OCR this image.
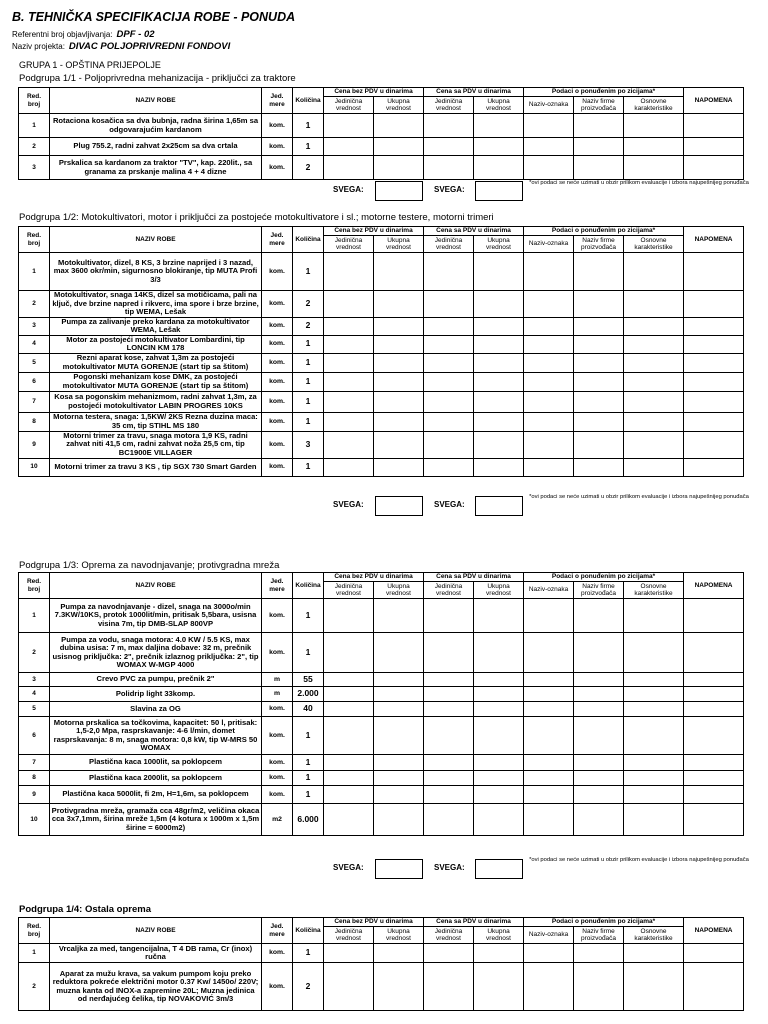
B. TEHNIČKA SPECIFIKACIJA ROBE - PONUDA
Referentni broj objavljivanja: DPF - 02
Naziv projekta: DIVAC POLJOPRIVREDNI FONDOVI
GRUPA 1 - OPŠTINA PRIJEPOLJE
Podgrupa 1/1 - Poljoprivredna mehanizacija - priključci za traktore
Red. broj	NAZIV ROBE	Jed. mere	Količina	Cena bez PDV u dinarima		Cena sa PDV u dinarima		Podaci o ponuđenim po ziciјama*			NAPOMENA
				Jedinična vrednost	Ukupna vrednost	Jedinična vrednost	Ukupna vrednost	Naziv-oznaka	Naziv firme proizvođača	Osnovne karakteristike	
1	Rotaciona kosačica sa dva bubnja, radna širina 1,65m sa odgovarajućim kardanom	kom.	1								
2	Plug 755.2, radni zahvat 2x25cm sa dva crtala	kom.	1								
3	Prskalica sa kardanom za traktor "TV", kap. 220lit., sa granama za prskanje malina 4 + 4 dizne	kom.	2								
SVEGA:	SVEGA:
*ovi podaci se neće uzimati u obzir prilikom evaluacije i izbora najupešnijeg ponuđača
Podgrupa 1/2: Motokultivatori, motor i priključci za postojeće motokultivatore i sl.; motorne testere, motorni trimeri
Red. broj	NAZIV ROBE	Jed. mere	Količina	Cena bez PDV u dinarima		Cena sa PDV u dinarima		Podaci o ponuđenim po ziciјama*			NAPOMENA
				Jedinična vrednost	Ukupna vrednost	Jedinična vrednost	Ukupna vrednost	Naziv-oznaka	Naziv firme proizvođača	Osnovne karakteristike	
1	Motokultivator, dizel, 8 KS, 3 brzine naprijed i 3 nazad, max 3600 okr/min, sigurnosno blokiranje, tip MUTA Profi 3/3	kom.	1								
2	Motokultivator, snaga 14KS, dizel sa motičicama, pali na ključ, dve brzine napred i rikverc, ima spore i brze brzine, tip WEMA, Lešak	kom.	2								
3	Pumpa za zalivanje preko kardana za motokultivator WEMA, Lešak	kom.	2								
4	Motor za postojeći motokultivator Lombardini, tip LONCIN KM 178	kom.	1								
5	Rezni aparat kose, zahvat 1,3m za postojeći motokultivator MUTA GORENJE (start tip sa štitom)	kom.	1								
6	Pogonski mehanizam kose DMK, za postojeći motokultivator MUTA GORENJE (start tip sa štitom)	kom.	1								
7	Kosa sa pogonskim mehanizmom, radni zahvat 1,3m, za postojeći motokultivator LABIN PROGRES 10KS	kom.	1								
8	Motorna testera, snaga: 1,5KW/ 2KS Rezna duzina maca: 35 cm, tip STIHL MS 180	kom.	1								
9	Motorni trimer za travu, snaga motora 1,9 KS, radni zahvat niti 41,5 cm, radni zahvat noža 25,5 cm, tip BC1900E VILLAGER	kom.	3								
10	Motorni trimer za travu 3 KS , tip SGX 730 Smart Garden	kom.	1								
SVEGA:	SVEGA:
*ovi podaci se neće uzimati u obzir prilikom evaluacije i izbora najupešnijeg ponuđača
Podgrupa 1/3: Oprema za navodnjavanje; protivgradna mreža
Red. broj	NAZIV ROBE	Jed. mere	Količina	Cena bez PDV u dinarima		Cena sa PDV u dinarima		Podaci o ponuđenim po ziciјama*			NAPOMENA
				Jedinična vrednost	Ukupna vrednost	Jedinična vrednost	Ukupna vrednost	Naziv-oznaka	Naziv firme proizvođača	Osnovne karakteristike	
1	Pumpa za navodnjavanje - dizel, snaga na 3000o/min 7.3KW/10KS, protok 1000lit/min, pritisak 5,5bara, usisna visina 7m, tip DMB-SLAP 800VP	kom.	1								
2	Pumpa za vodu, snaga motora: 4.0 KW / 5.5 KS, max dubina usisa: 7 m, max daljina dobave: 32 m, prečnik usisnog priključka: 2", prečnik izlaznog priključka: 2", tip WOMAX W-MGP 4000	kom.	1								
3	Crevo PVC za pumpu, prečnik 2"	m	55								
4	Polidrip light 33komp.	m	2.000								
5	Slavina za OG	kom.	40								
6	Motorna prskalica sa točkovima, kapacitet: 50 l, pritisak: 1,5-2,0 Mpa, rasprskavanje: 4-6 l/min, domet rasprskavanja: 8 m, snaga motora: 0,8 kW, tip W-MRS 50 WOMAX	kom.	1								
7	Plastična kaca 1000lit, sa poklopcem	kom.	1								
8	Plastična kaca 2000lit, sa poklopcem	kom.	1								
9	Plastična kaca 5000lit, fi 2m, H=1,6m, sa poklopcem	kom.	1								
10	Protivgradna mreža, gramaža cca 48gr/m2, veličina okaca cca 3x7,1mm, širina mreže 1,5m (4 kotura x 1000m x 1,5m širine = 6000m2)	m2	6.000								
SVEGA:	SVEGA:
*ovi podaci se neće uzimati u obzir prilikom evaluacije i izbora najupešnijeg ponuđača
Podgrupa 1/4: Ostala oprema
Red. broj	NAZIV ROBE	Jed. mere	Količina	Cena bez PDV u dinarima		Cena sa PDV u dinarima		Podaci o ponuđenim po ziciјama*			NAPOMENA
				Jedinična vrednost	Ukupna vrednost	Jedinična vrednost	Ukupna vrednost	Naziv-oznaka	Naziv firme proizvođača	Osnovne karakteristike	
1	Vrcaljka za med, tangencijalna, T 4 DB rama, Cr (inox) ručna	kom.	1								
2	Aparat za mužu krava, sa vakum pumpom koju preko reduktora pokreće električni motor 0.37 Kw/ 1450o/ 220V; muzna kanta od INOX-a zapremine 20L; Muzna jedinica od nerđajućeg čelika, tip NOVAKOVIĆ 3m/3	kom.	2								
